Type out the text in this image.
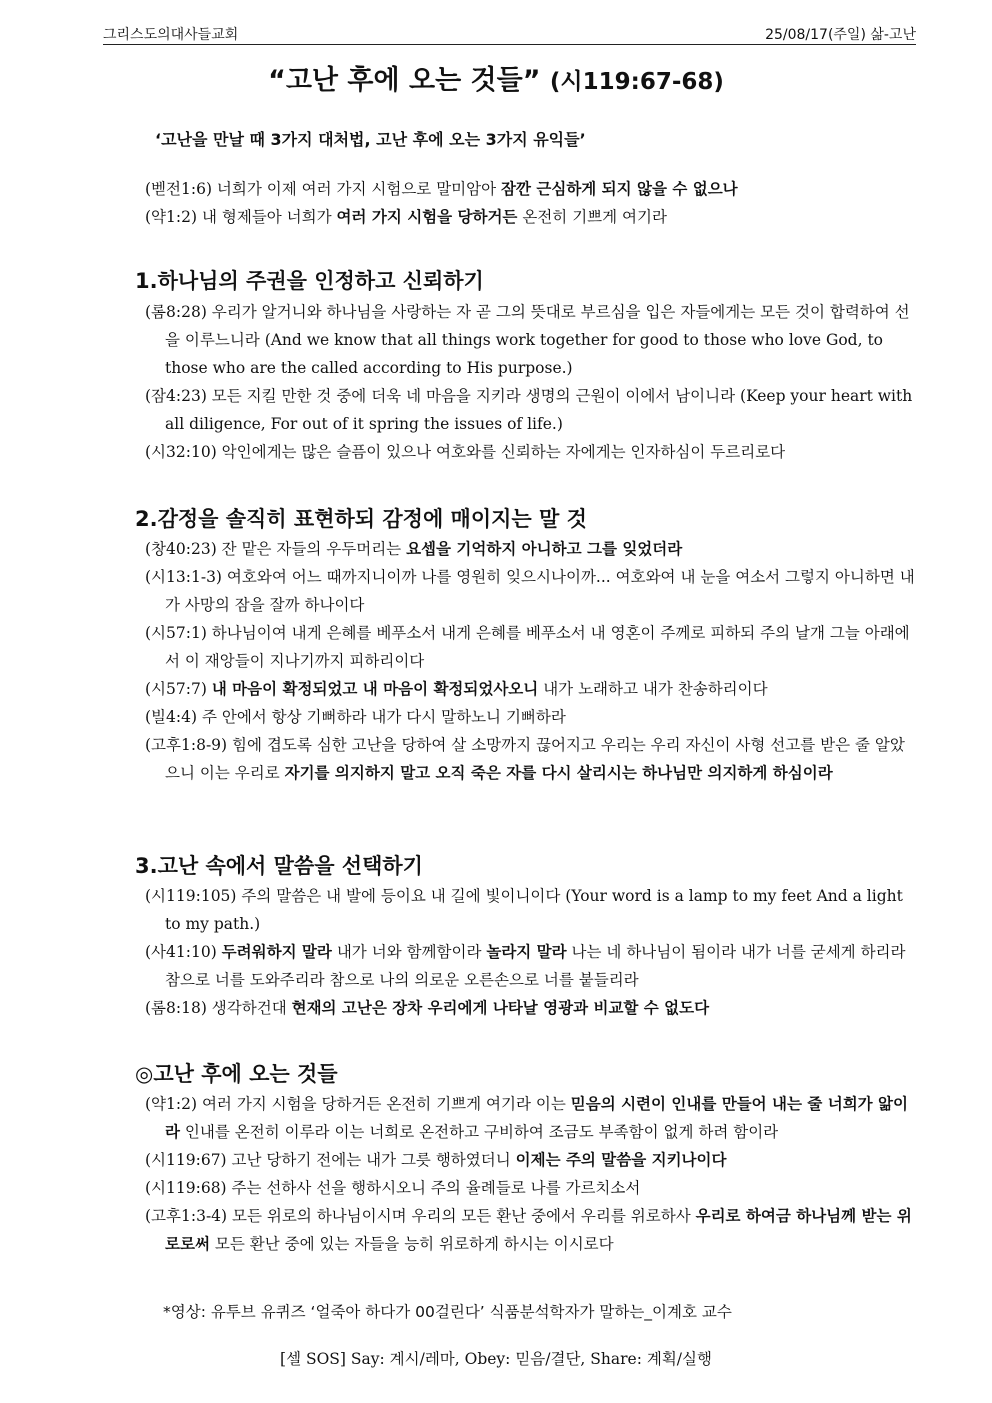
그리스도의대사들교회	25/08/17(주일) 삶-고난
“고난 후에 오는 것들” (시119:67-68)
‘고난을 만날 때 3가지 대처법, 고난 후에 오는 3가지 유익들’

(벧전1:6) 너희가 이제 여러 가지 시험으로 말미암아 잠깐 근심하게 되지 않을 수 없으나

(약1:2) 내 형제들아 너희가 여러 가지 시험을 당하거든 온전히 기쁘게 여기라

1.하나님의 주권을 인정하고 신뢰하기

(롬8:28) 우리가 알거니와 하나님을 사랑하는 자 곧 그의 뜻대로 부르심을 입은 자들에게는 모든 것이 합력하여 선을 이루느니라 (And we know that all things work together for good to those who love God, to those who are the called according to His purpose.)

(잠4:23) 모든 지킬 만한 것 중에 더욱 네 마음을 지키라 생명의 근원이 이에서 남이니라 (Keep your heart with all diligence, For out of it spring the issues of life.)

(시32:10) 악인에게는 많은 슬픔이 있으나 여호와를 신뢰하는 자에게는 인자하심이 두르리로다

2.감정을 솔직히 표현하되 감정에 매이지는 말 것

(창40:23) 잔 맡은 자들의 우두머리는 요셉을 기억하지 아니하고 그를 잊었더라

(시13:1-3) 여호와여 어느 때까지니이까 나를 영원히 잊으시나이까... 여호와여 내 눈을 여소서 그렇지 아니하면 내가 사망의 잠을 잘까 하나이다

(시57:1) 하나님이여 내게 은혜를 베푸소서 내게 은혜를 베푸소서 내 영혼이 주께로 피하되 주의 날개 그늘 아래에서 이 재앙들이 지나기까지 피하리이다

(시57:7) 내 마음이 확정되었고 내 마음이 확정되었사오니 내가 노래하고 내가 찬송하리이다

(빌4:4) 주 안에서 항상 기뻐하라 내가 다시 말하노니 기뻐하라

(고후1:8-9) 힘에 겹도록 심한 고난을 당하여 살 소망까지 끊어지고 우리는 우리 자신이 사형 선고를 받은 줄 알았으니 이는 우리로 자기를 의지하지 말고 오직 죽은 자를 다시 살리시는 하나님만 의지하게 하심이라

3.고난 속에서 말씀을 선택하기

(시119:105) 주의 말씀은 내 발에 등이요 내 길에 빛이니이다 (Your word is a lamp to my feet And a light to my path.)

(사41:10) 두려워하지 말라 내가 너와 함께함이라 놀라지 말라 나는 네 하나님이 됨이라 내가 너를 굳세게 하리라 참으로 너를 도와주리라 참으로 나의 의로운 오른손으로 너를 붙들리라

(롬8:18) 생각하건대 현재의 고난은 장차 우리에게 나타날 영광과 비교할 수 없도다

◎고난 후에 오는 것들

(약1:2) 여러 가지 시험을 당하거든 온전히 기쁘게 여기라 이는 믿음의 시련이 인내를 만들어 내는 줄 너희가 앎이라 인내를 온전히 이루라 이는 너희로 온전하고 구비하여 조금도 부족함이 없게 하려 함이라

(시119:67) 고난 당하기 전에는 내가 그릇 행하였더니 이제는 주의 말씀을 지키나이다

(시119:68) 주는 선하사 선을 행하시오니 주의 율례들로 나를 가르치소서

(고후1:3-4) 모든 위로의 하나님이시며 우리의 모든 환난 중에서 우리를 위로하사 우리로 하여금 하나님께 받는 위로로써 모든 환난 중에 있는 자들을 능히 위로하게 하시는 이시로다

*영상: 유투브 유퀴즈 ‘얼죽아 하다가 00걸린다’ 식품분석학자가 말하는_이계호 교수
[셀 SOS] Say: 계시/레마, Obey: 믿음/결단, Share: 계획/실행
